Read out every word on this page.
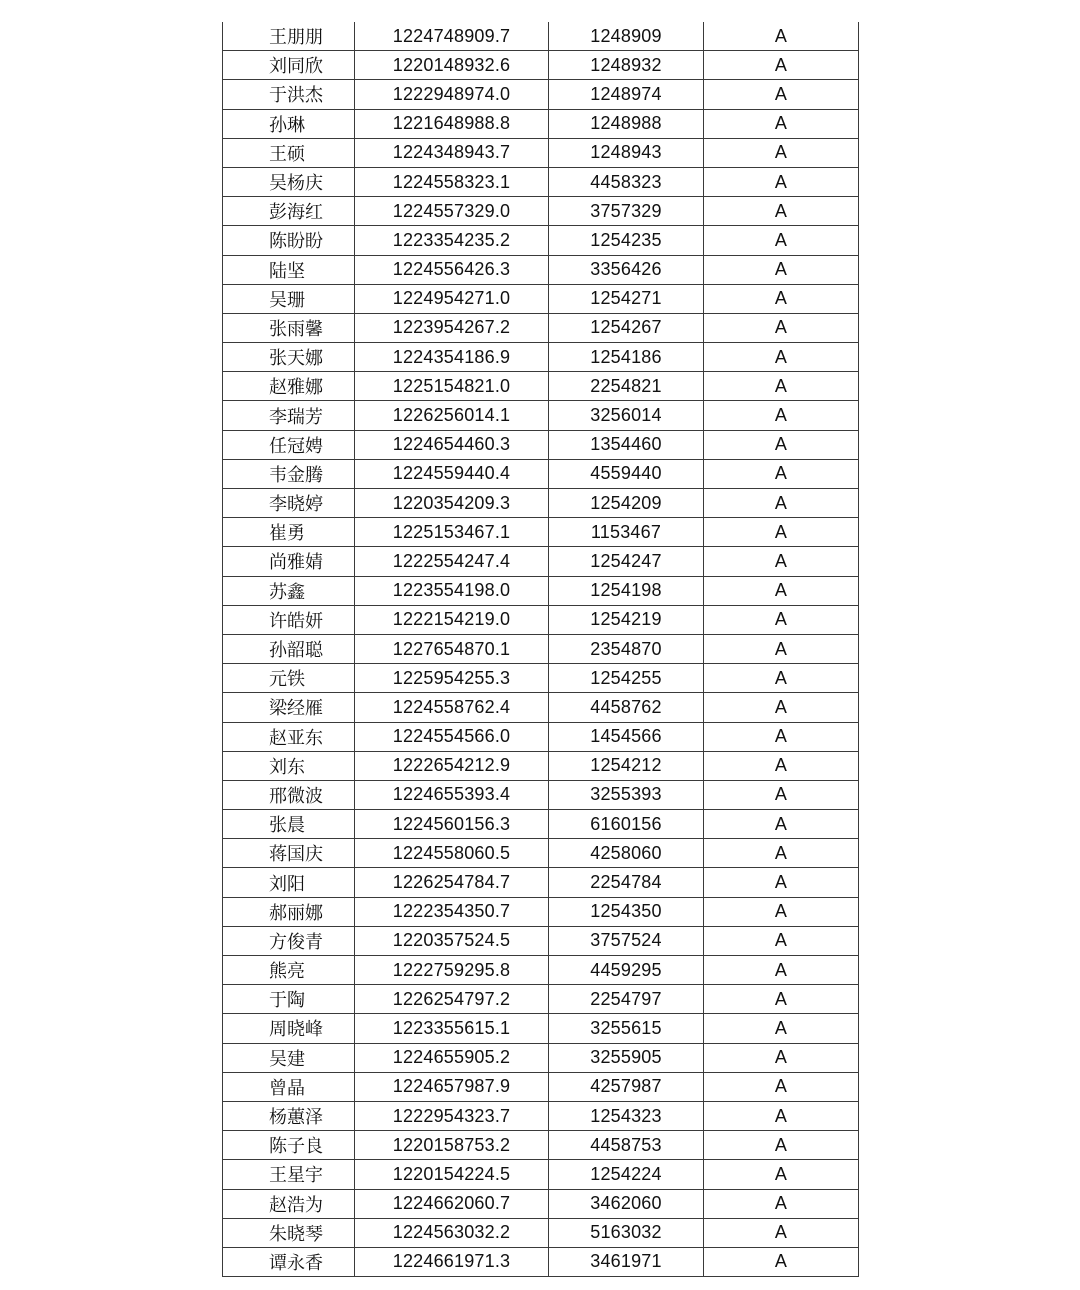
王朋朋	1224748909.7	1248909	A
刘同欣	1220148932.6	1248932	A
于洪杰	1222948974.0	1248974	A
孙琳	1221648988.8	1248988	A
王硕	1224348943.7	1248943	A
吴杨庆	1224558323.1	4458323	A
彭海红	1224557329.0	3757329	A
陈盼盼	1223354235.2	1254235	A
陆坚	1224556426.3	3356426	A
吴珊	1224954271.0	1254271	A
张雨馨	1223954267.2	1254267	A
张天娜	1224354186.9	1254186	A
赵雅娜	1225154821.0	2254821	A
李瑞芳	1226256014.1	3256014	A
任冠娉	1224654460.3	1354460	A
韦金腾	1224559440.4	4559440	A
李晓婷	1220354209.3	1254209	A
崔勇	1225153467.1	1153467	A
尚雅婧	1222554247.4	1254247	A
苏鑫	1223554198.0	1254198	A
许皓妍	1222154219.0	1254219	A
孙韶聪	1227654870.1	2354870	A
元铁	1225954255.3	1254255	A
梁经雁	1224558762.4	4458762	A
赵亚东	1224554566.0	1454566	A
刘东	1222654212.9	1254212	A
邢微波	1224655393.4	3255393	A
张晨	1224560156.3	6160156	A
蒋国庆	1224558060.5	4258060	A
刘阳	1226254784.7	2254784	A
郝丽娜	1222354350.7	1254350	A
方俊青	1220357524.5	3757524	A
熊亮	1222759295.8	4459295	A
于陶	1226254797.2	2254797	A
周晓峰	1223355615.1	3255615	A
吴建	1224655905.2	3255905	A
曾晶	1224657987.9	4257987	A
杨蕙泽	1222954323.7	1254323	A
陈子良	1220158753.2	4458753	A
王星宇	1220154224.5	1254224	A
赵浩为	1224662060.7	3462060	A
朱晓琴	1224563032.2	5163032	A
谭永香	1224661971.3	3461971	A
